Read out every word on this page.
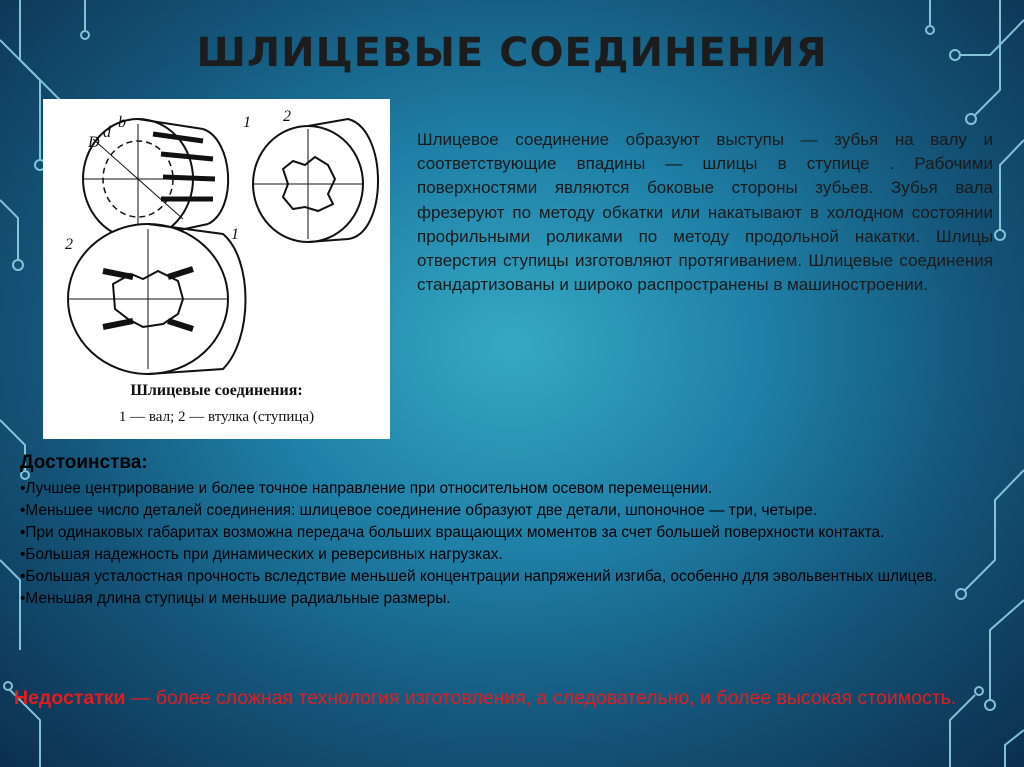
ШЛИЦЕВЫЕ СОЕДИНЕНИЯ
D
d
b	1 2
1
2
Шлицевые соединения:
1 — вал; 2 — втулка (ступица)

Шлицевое соединение образуют выступы — зубья на валу и соответствующие впадины — шлицы в ступице . Рабочими поверхностями являются боковые стороны зубьев. Зубья вала фрезеруют по методу обкатки или накатывают в холодном состоянии профильными роликами по методу продольной накатки. Шлицы отверстия ступицы изготовляют протягиванием. Шлицевые соединения стандартизованы и широко распространены в машиностроении.

Достоинства:
•Лучшее центрирование и более точное направление при относительном осевом перемещении.
•Меньшее число деталей соединения: шлицевое соединение образуют две детали, шпоночное — три, четыре.
•При одинаковых габаритах возможна передача больших вращающих моментов за счет большей поверхности контакта.
•Большая надежность при динамических и реверсивных нагрузках.
•Большая усталостная прочность вследствие меньшей концентрации напряжений изгиба, особенно для эвольвентных шлицев.
•Меньшая длина ступицы и меньшие радиальные размеры.

Недостатки — более сложная технология изготовления, а следовательно, и более высокая стоимость.
